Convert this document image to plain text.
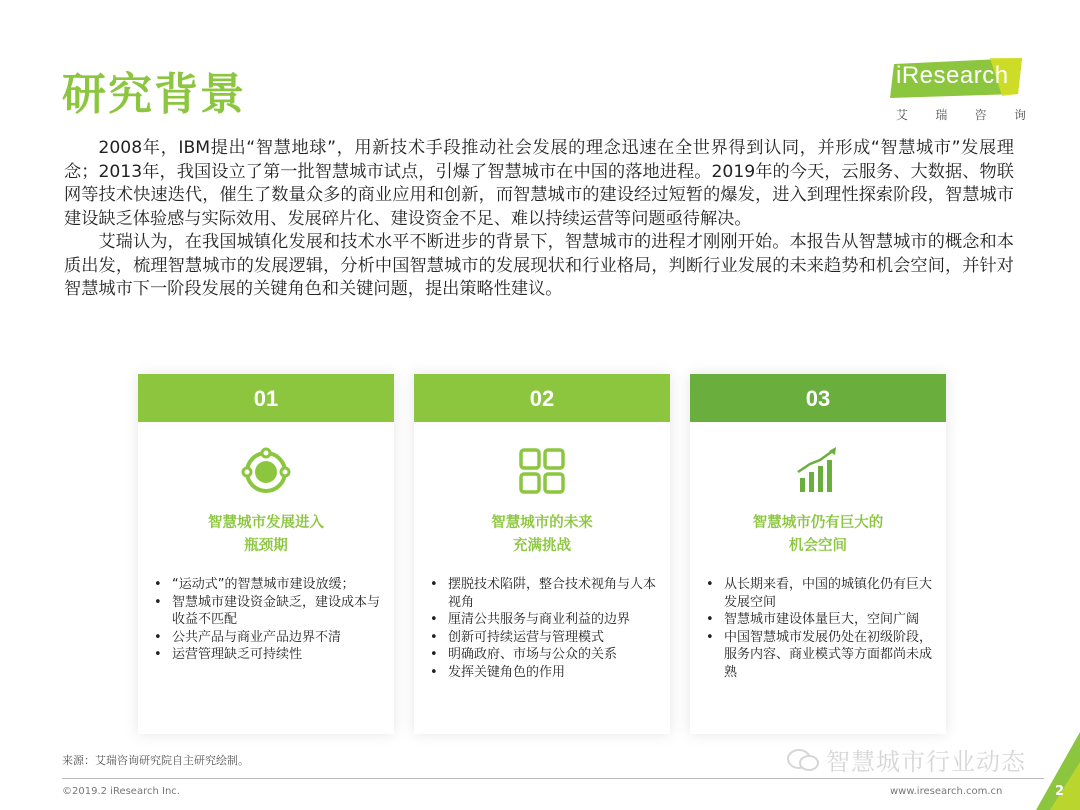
研究背景	iResearch
艾 瑞 咨 询

2008年，IBM提出“智慧地球”，用新技术手段推动社会发展的理念迅速在全世界得到认同，并形成“智慧城市”发展理念；2013年，我国设立了第一批智慧城市试点，引爆了智慧城市在中国的落地进程。2019年的今天，云服务、大数据、物联网等技术快速迭代，催生了数量众多的商业应用和创新，而智慧城市的建设经过短暂的爆发，进入到理性探索阶段，智慧城市建设缺乏体验感与实际效用、发展碎片化、建设资金不足、难以持续运营等问题亟待解决。

艾瑞认为，在我国城镇化发展和技术水平不断进步的背景下，智慧城市的进程才刚刚开始。本报告从智慧城市的概念和本质出发，梳理智慧城市的发展逻辑，分析中国智慧城市的发展现状和行业格局，判断行业发展的未来趋势和机会空间，并针对智慧城市下一阶段发展的关键角色和关键问题，提出策略性建议。

01
智慧城市发展进入
瓶颈期
• “运动式”的智慧城市建设放缓；
• 智慧城市建设资金缺乏，建设成本与收益不匹配
• 公共产品与商业产品边界不清
• 运营管理缺乏可持续性
02
智慧城市的未来
充满挑战
• 摆脱技术陷阱，整合技术视角与人本视角
• 厘清公共服务与商业利益的边界
• 创新可持续运营与管理模式
• 明确政府、市场与公众的关系
• 发挥关键角色的作用
03
智慧城市仍有巨大的
机会空间
• 从长期来看，中国的城镇化仍有巨大发展空间
• 智慧城市建设体量巨大，空间广阔
• 中国智慧城市发展仍处在初级阶段，服务内容、商业模式等方面都尚未成熟
来源：艾瑞咨询研究院自主研究绘制。
©2019.2 iResearch Inc.	www.iresearch.com.cn
智慧城市行业动态
2
